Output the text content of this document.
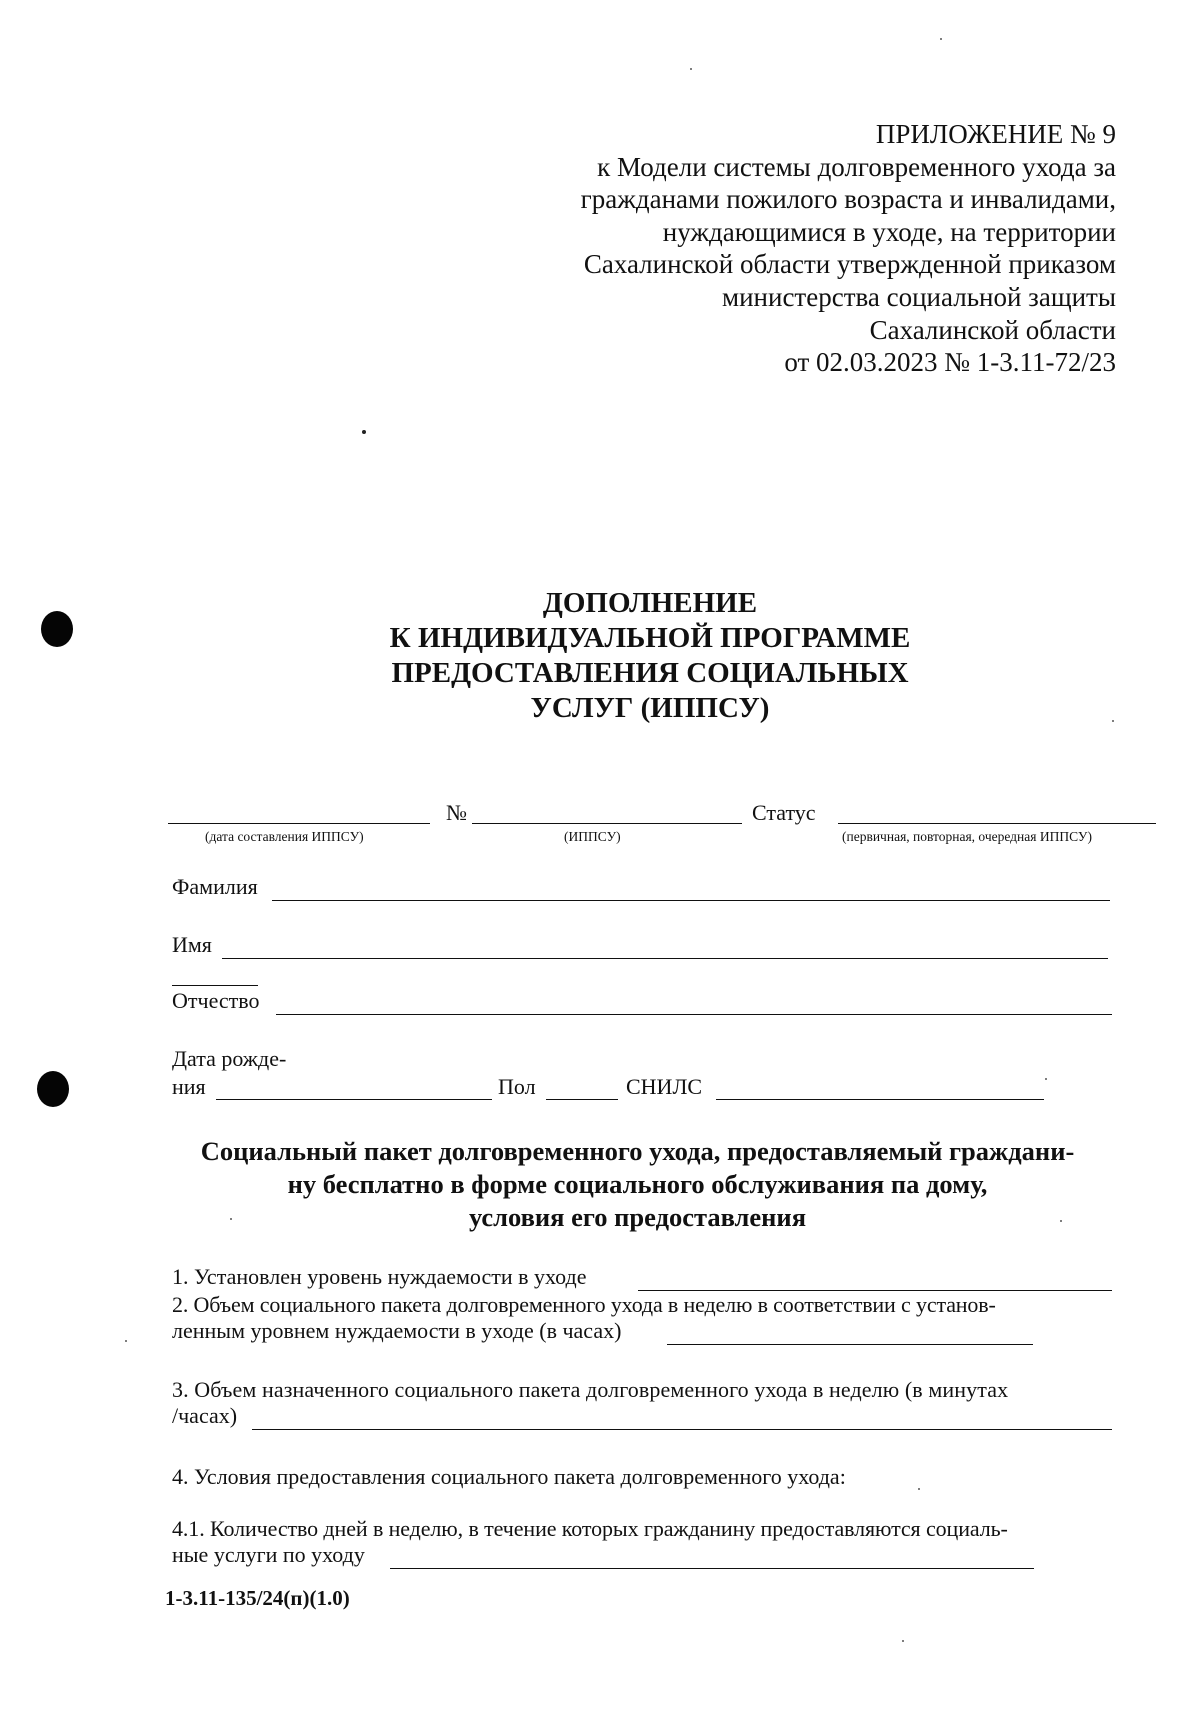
ПРИЛОЖЕНИЕ № 9
к Модели системы долговременного ухода за
гражданами пожилого возраста и инвалидами,
нуждающимися в уходе, на территории
Сахалинской области утвержденной приказом
министерства социальной защиты
Сахалинской области
от 02.03.2023 № 1-3.11-72/23
ДОПОЛНЕНИЕ
К ИНДИВИДУАЛЬНОЙ ПРОГРАММЕ
ПРЕДОСТАВЛЕНИЯ СОЦИАЛЬНЫХ
УСЛУГ (ИППСУ)
№	Статус
(дата составления ИППСУ)	(ИППСУ)	(первичная, повторная, очередная ИППСУ)
Фамилия
Имя
Отчество
Дата рожде-
ния	Пол	СНИЛС
Социальный пакет долговременного ухода, предоставляемый граждани-
ну бесплатно в форме социального обслуживания па дому,
условия его предоставления
1. Установлен уровень нуждаемости в уходе
2. Объем социального пакета долговременного ухода в неделю в соответствии с установ-
ленным уровнем нуждаемости в уходе (в часах)
3. Объем назначенного социального пакета долговременного ухода в неделю (в минутах
/часах)
4. Условия предоставления социального пакета долговременного ухода:
4.1. Количество дней в неделю, в течение которых гражданину предоставляются социаль-
ные услуги по уходу
1-3.11-135/24(п)(1.0)
